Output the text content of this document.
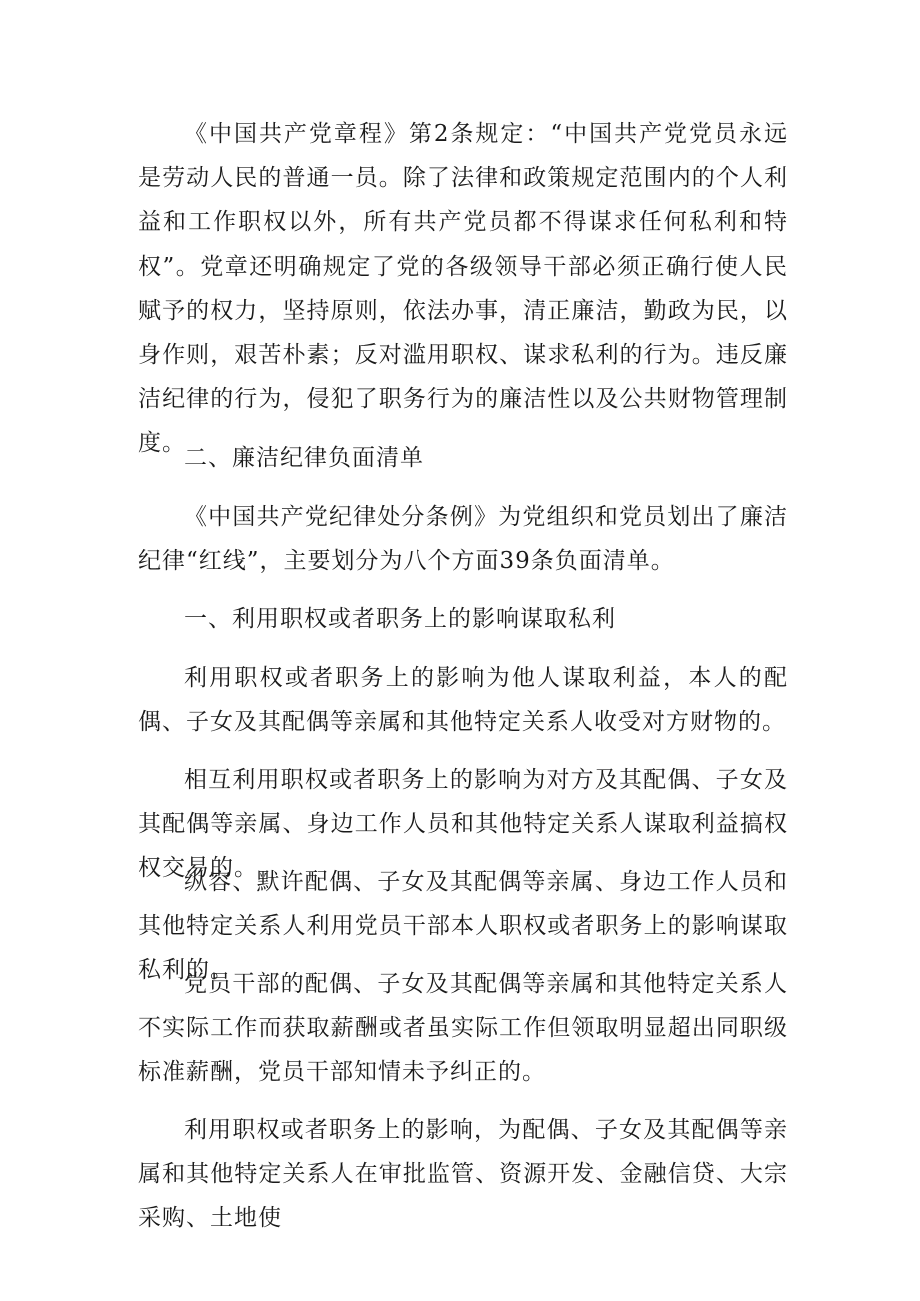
《中国共产党章程》第2条规定：“中国共产党党员永远是劳动人民的普通一员。除了法律和政策规定范围内的个人利益和工作职权以外，所有共产党员都不得谋求任何私利和特权”。党章还明确规定了党的各级领导干部必须正确行使人民赋予的权力，坚持原则，依法办事，清正廉洁，勤政为民，以身作则，艰苦朴素；反对滥用职权、谋求私利的行为。违反廉洁纪律的行为，侵犯了职务行为的廉洁性以及公共财物管理制度。

二、廉洁纪律负面清单

《中国共产党纪律处分条例》为党组织和党员划出了廉洁纪律“红线”，主要划分为八个方面39条负面清单。

一、利用职权或者职务上的影响谋取私利

利用职权或者职务上的影响为他人谋取利益，本人的配偶、子女及其配偶等亲属和其他特定关系人收受对方财物的。

相互利用职权或者职务上的影响为对方及其配偶、子女及其配偶等亲属、身边工作人员和其他特定关系人谋取利益搞权权交易的。

纵容、默许配偶、子女及其配偶等亲属、身边工作人员和其他特定关系人利用党员干部本人职权或者职务上的影响谋取私利的。

党员干部的配偶、子女及其配偶等亲属和其他特定关系人不实际工作而获取薪酬或者虽实际工作但领取明显超出同职级标准薪酬，党员干部知情未予纠正的。

利用职权或者职务上的影响，为配偶、子女及其配偶等亲属和其他特定关系人在审批监管、资源开发、金融信贷、大宗采购、土地使
